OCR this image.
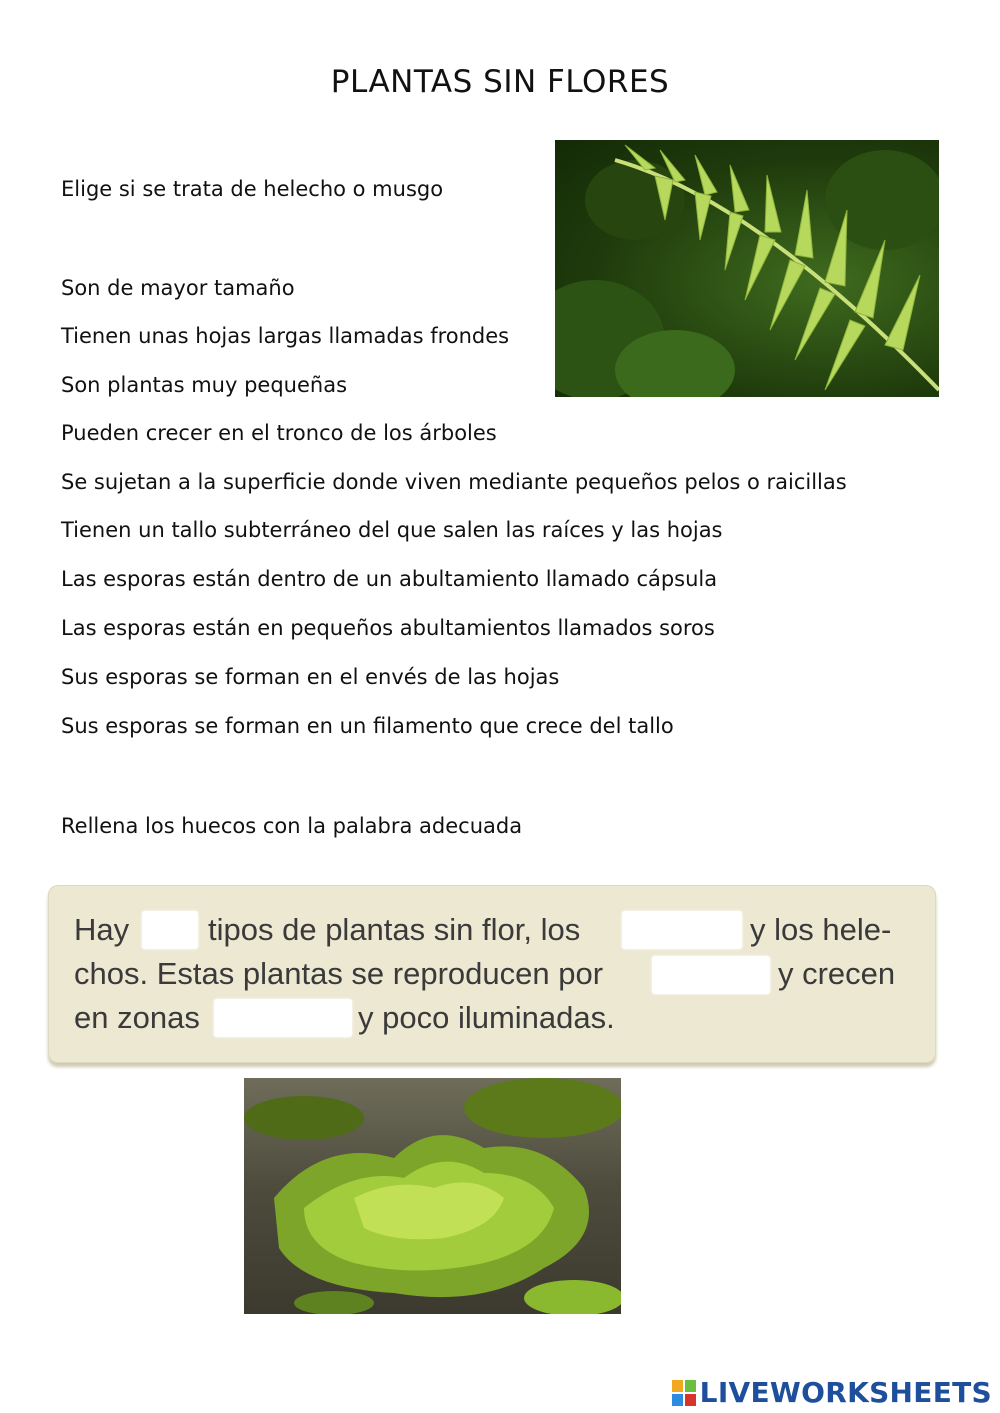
PLANTAS SIN FLORES
Elige si se trata de helecho o musgo
Son de mayor tamaño
Tienen unas hojas largas llamadas frondes
Son plantas muy pequeñas
Pueden crecer en el tronco de los árboles
Se sujetan a la superficie donde viven mediante pequeños pelos o raicillas
Tienen un tallo subterráneo del que salen las raíces y las hojas
Las esporas están dentro de un abultamiento llamado cápsula
Las esporas están en pequeños abultamientos llamados soros
Sus esporas se forman en el envés de las hojas
Sus esporas se forman en un filamento que crece del tallo
Rellena los huecos con la palabra adecuada
Hay	tipos de plantas sin flor, los	y los hele-
chos. Estas plantas se reproducen por	y crecen
en zonas	y poco iluminadas.
LIVEWORKSHEETS
